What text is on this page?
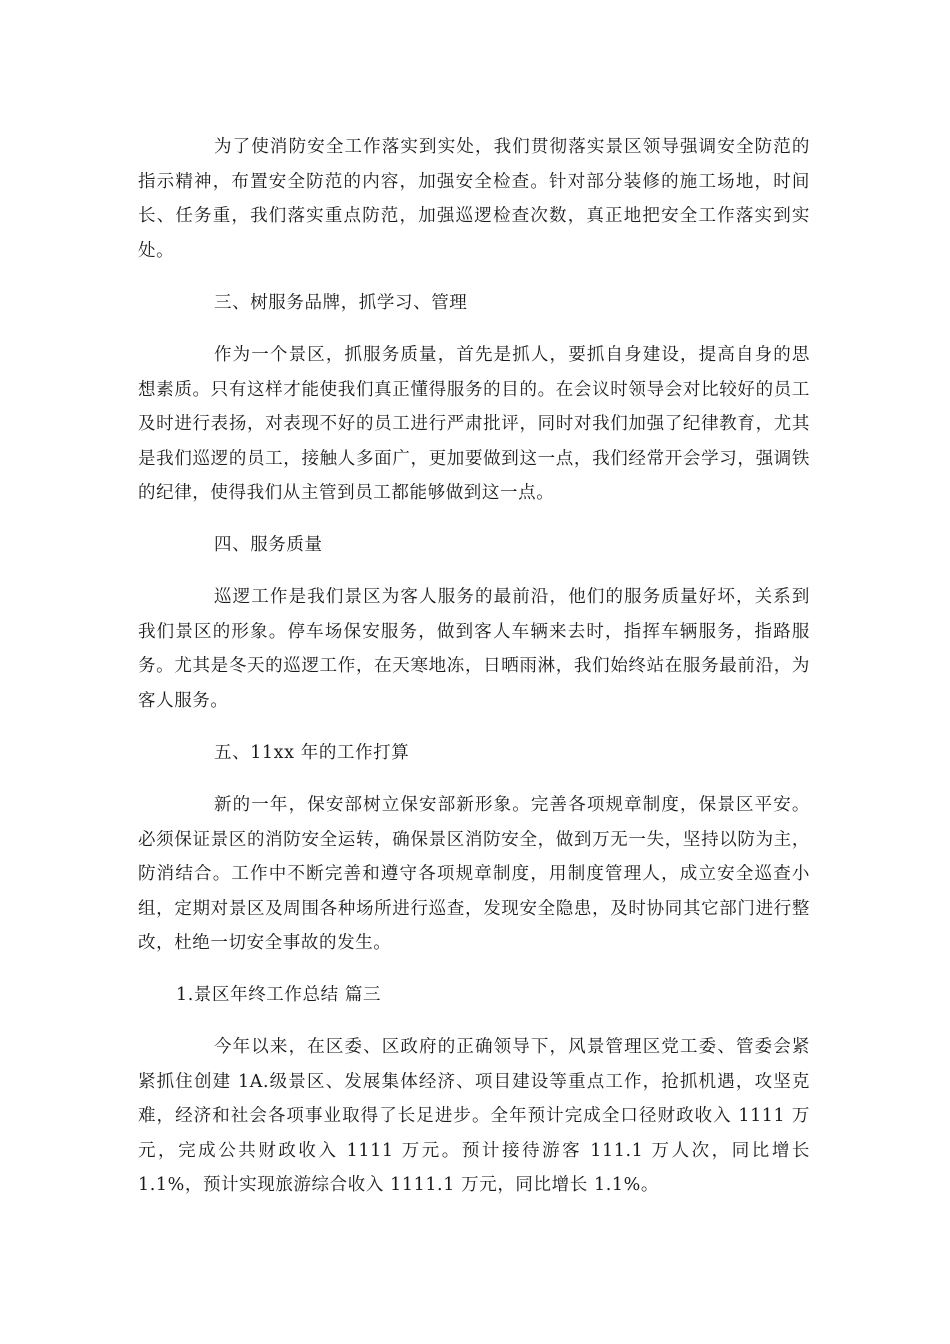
为了使消防安全工作落实到实处，我们贯彻落实景区领导强调安全防范的指示精神，布置安全防范的内容，加强安全检查。针对部分装修的施工场地，时间长、任务重，我们落实重点防范，加强巡逻检查次数，真正地把安全工作落实到实处。

三、树服务品牌，抓学习、管理

作为一个景区，抓服务质量，首先是抓人，要抓自身建设，提高自身的思想素质。只有这样才能使我们真正懂得服务的目的。在会议时领导会对比较好的员工及时进行表扬，对表现不好的员工进行严肃批评，同时对我们加强了纪律教育，尤其是我们巡逻的员工，接触人多面广，更加要做到这一点，我们经常开会学习，强调铁的纪律，使得我们从主管到员工都能够做到这一点。

四、服务质量

巡逻工作是我们景区为客人服务的最前沿，他们的服务质量好坏，关系到我们景区的形象。停车场保安服务，做到客人车辆来去时，指挥车辆服务，指路服务。尤其是冬天的巡逻工作，在天寒地冻，日晒雨淋，我们始终站在服务最前沿，为客人服务。

五、11xx 年的工作打算

新的一年，保安部树立保安部新形象。完善各项规章制度，保景区平安。必须保证景区的消防安全运转，确保景区消防安全，做到万无一失，坚持以防为主，防消结合。工作中不断完善和遵守各项规章制度，用制度管理人，成立安全巡查小组，定期对景区及周围各种场所进行巡查，发现安全隐患，及时协同其它部门进行整改，杜绝一切安全事故的发生。

1.景区年终工作总结 篇三

今年以来，在区委、区政府的正确领导下，风景管理区党工委、管委会紧紧抓住创建 1A.级景区、发展集体经济、项目建设等重点工作，抢抓机遇，攻坚克难，经济和社会各项事业取得了长足进步。全年预计完成全口径财政收入 1111 万元，完成公共财政收入 1111 万元。预计接待游客 111.1 万人次，同比增长 1.1%，预计实现旅游综合收入 1111.1 万元，同比增长 1.1%。
